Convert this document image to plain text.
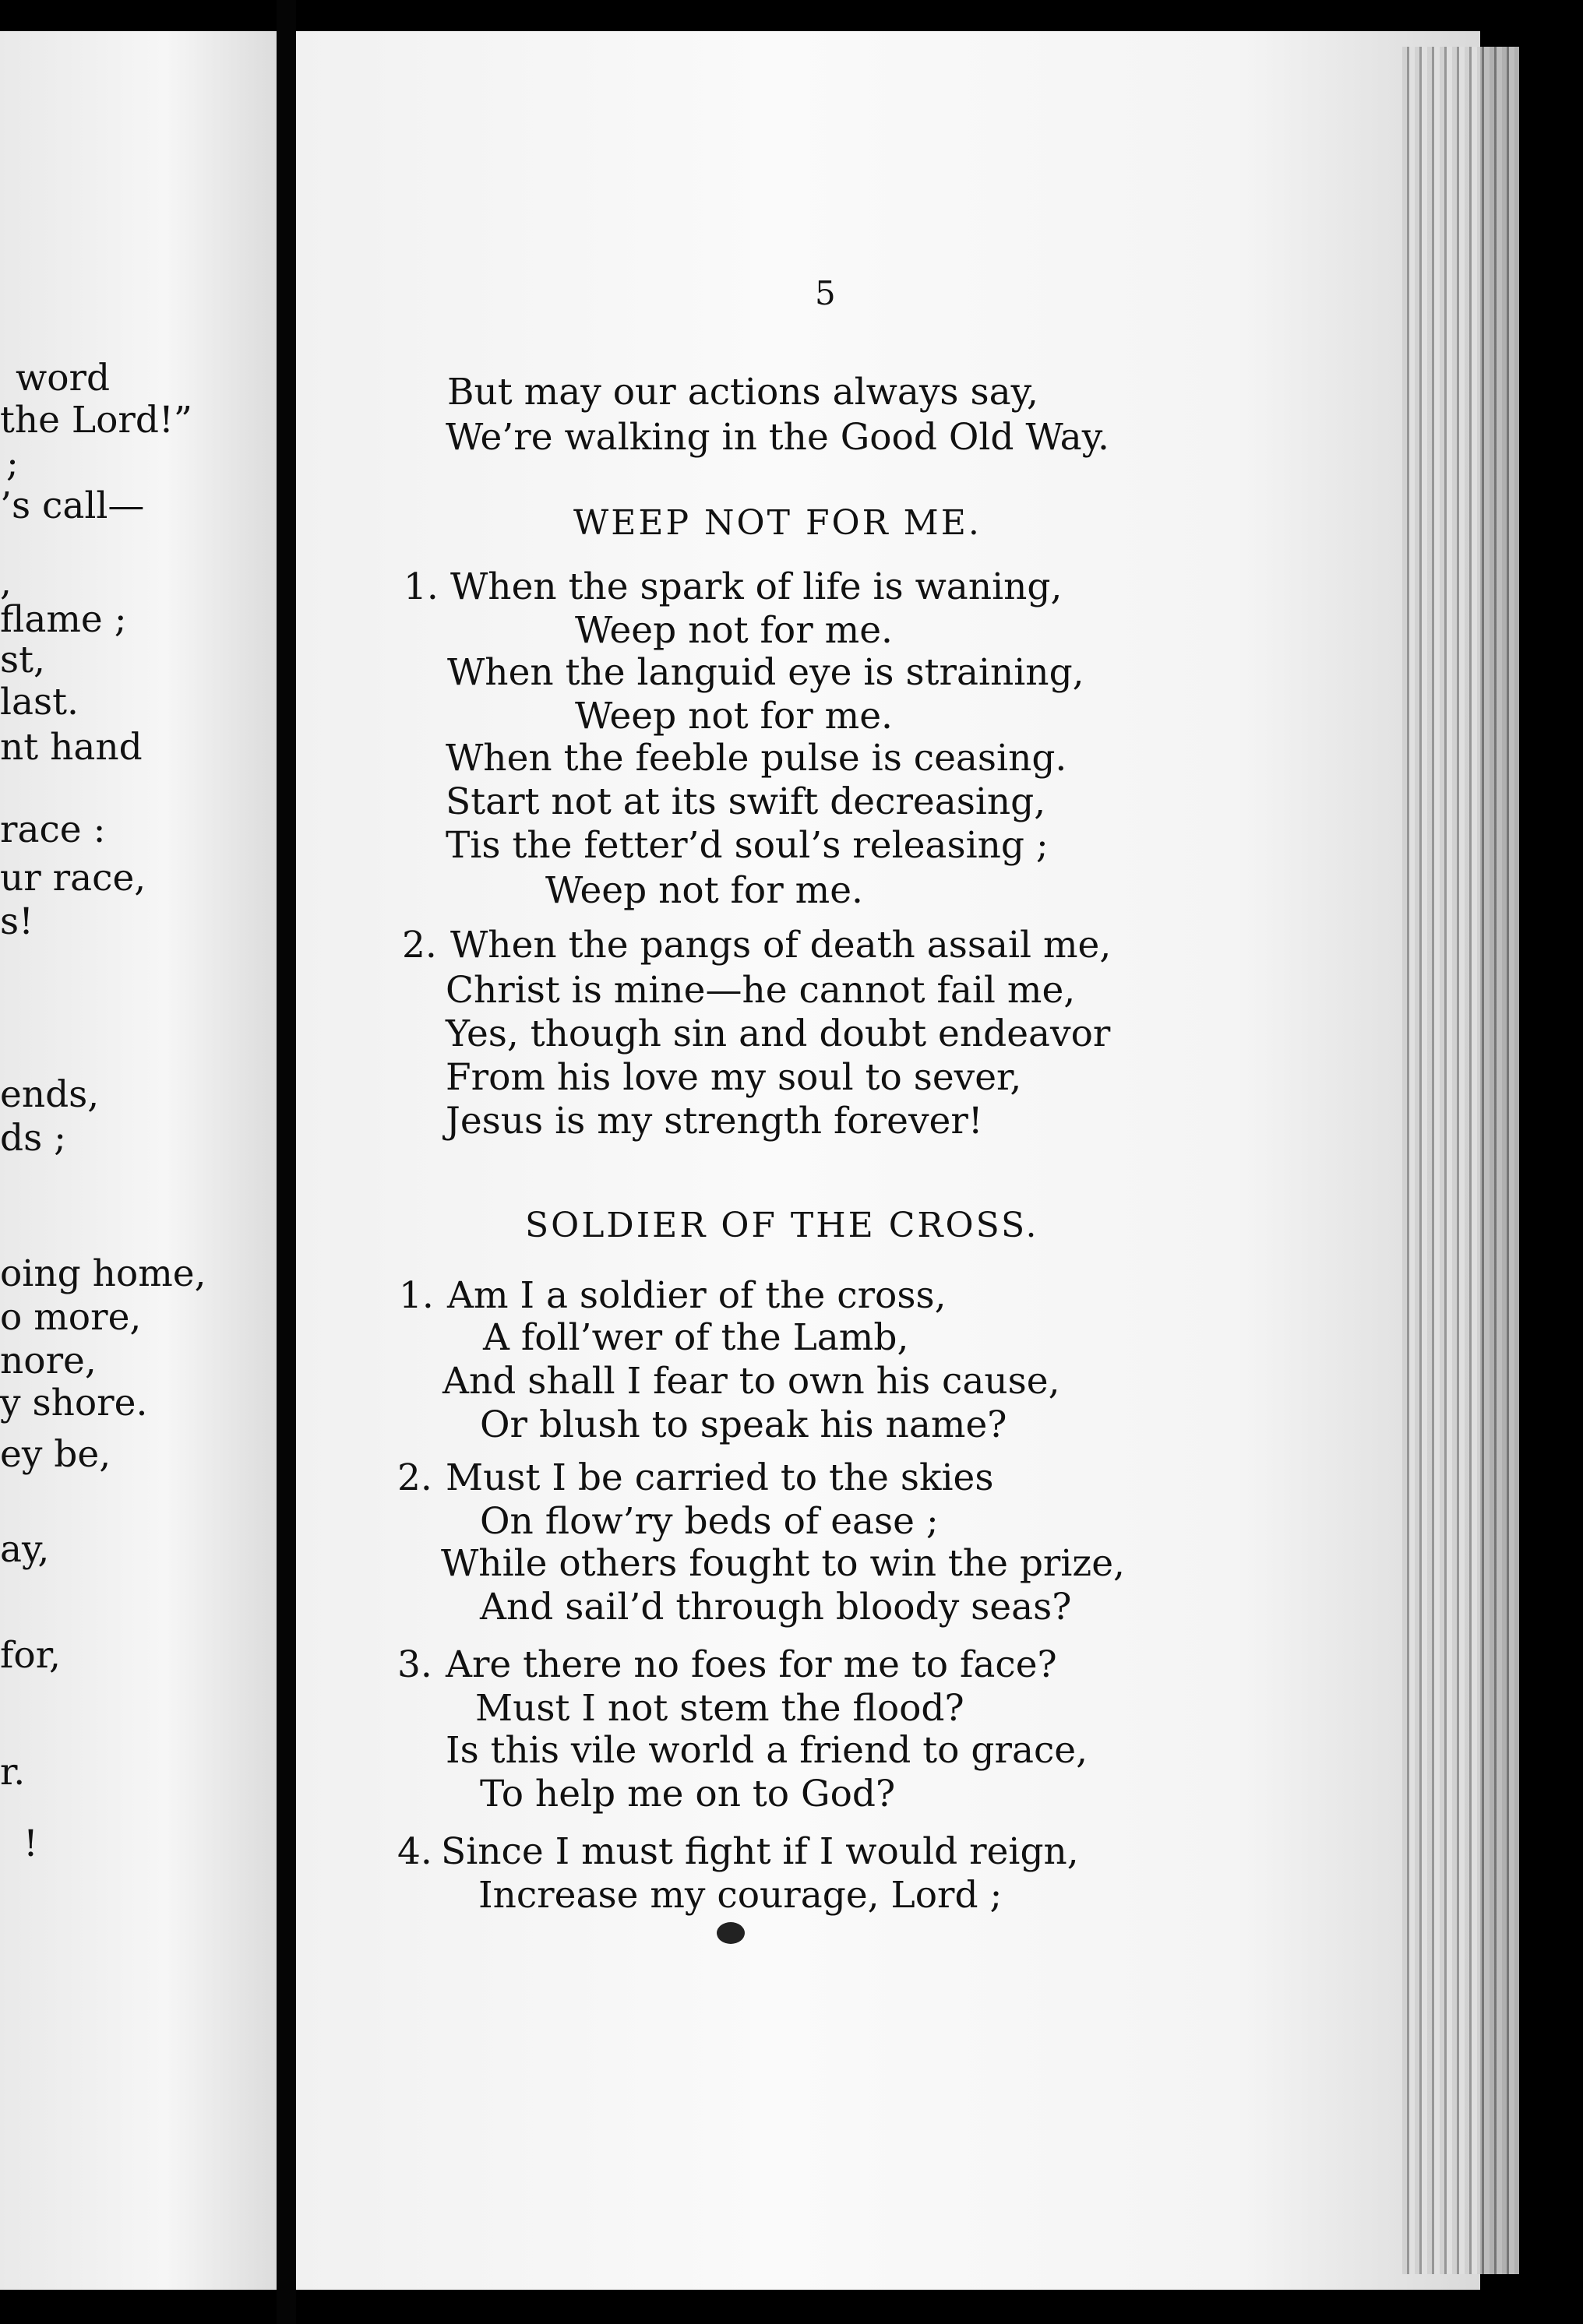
word
the Lord!”
;
’s call—
,
flame ;
st,
last.
nt hand
race :
ur race,
s!
ends,
ds ;
oing home,
o more,
nore,
y shore.
ey be,
ay,
for,
r.
!
5
But may our actions always say,
We’re walking in the Good Old Way.
WEEP NOT FOR ME.
1. When the spark of life is waning,
Weep not for me.
When the languid eye is straining,
Weep not for me.
When the feeble pulse is ceasing.
Start not at its swift decreasing,
Tis the fetter’d soul’s releasing ;
Weep not for me.
2. When the pangs of death assail me,
Christ is mine—he cannot fail me,
Yes, though sin and doubt endeavor
From his love my soul to sever,
Jesus is my strength forever!
SOLDIER OF THE CROSS.
1. Am I a soldier of the cross,
A foll’wer of the Lamb,
And shall I fear to own his cause,
Or blush to speak his name?
2. Must I be carried to the skies
On flow’ry beds of ease ;
While others fought to win the prize,
And sail’d through bloody seas?
3. Are there no foes for me to face?
Must I not stem the flood?
Is this vile world a friend to grace,
To help me on to God?
4. Since I must fight if I would reign,
Increase my courage, Lord ;
